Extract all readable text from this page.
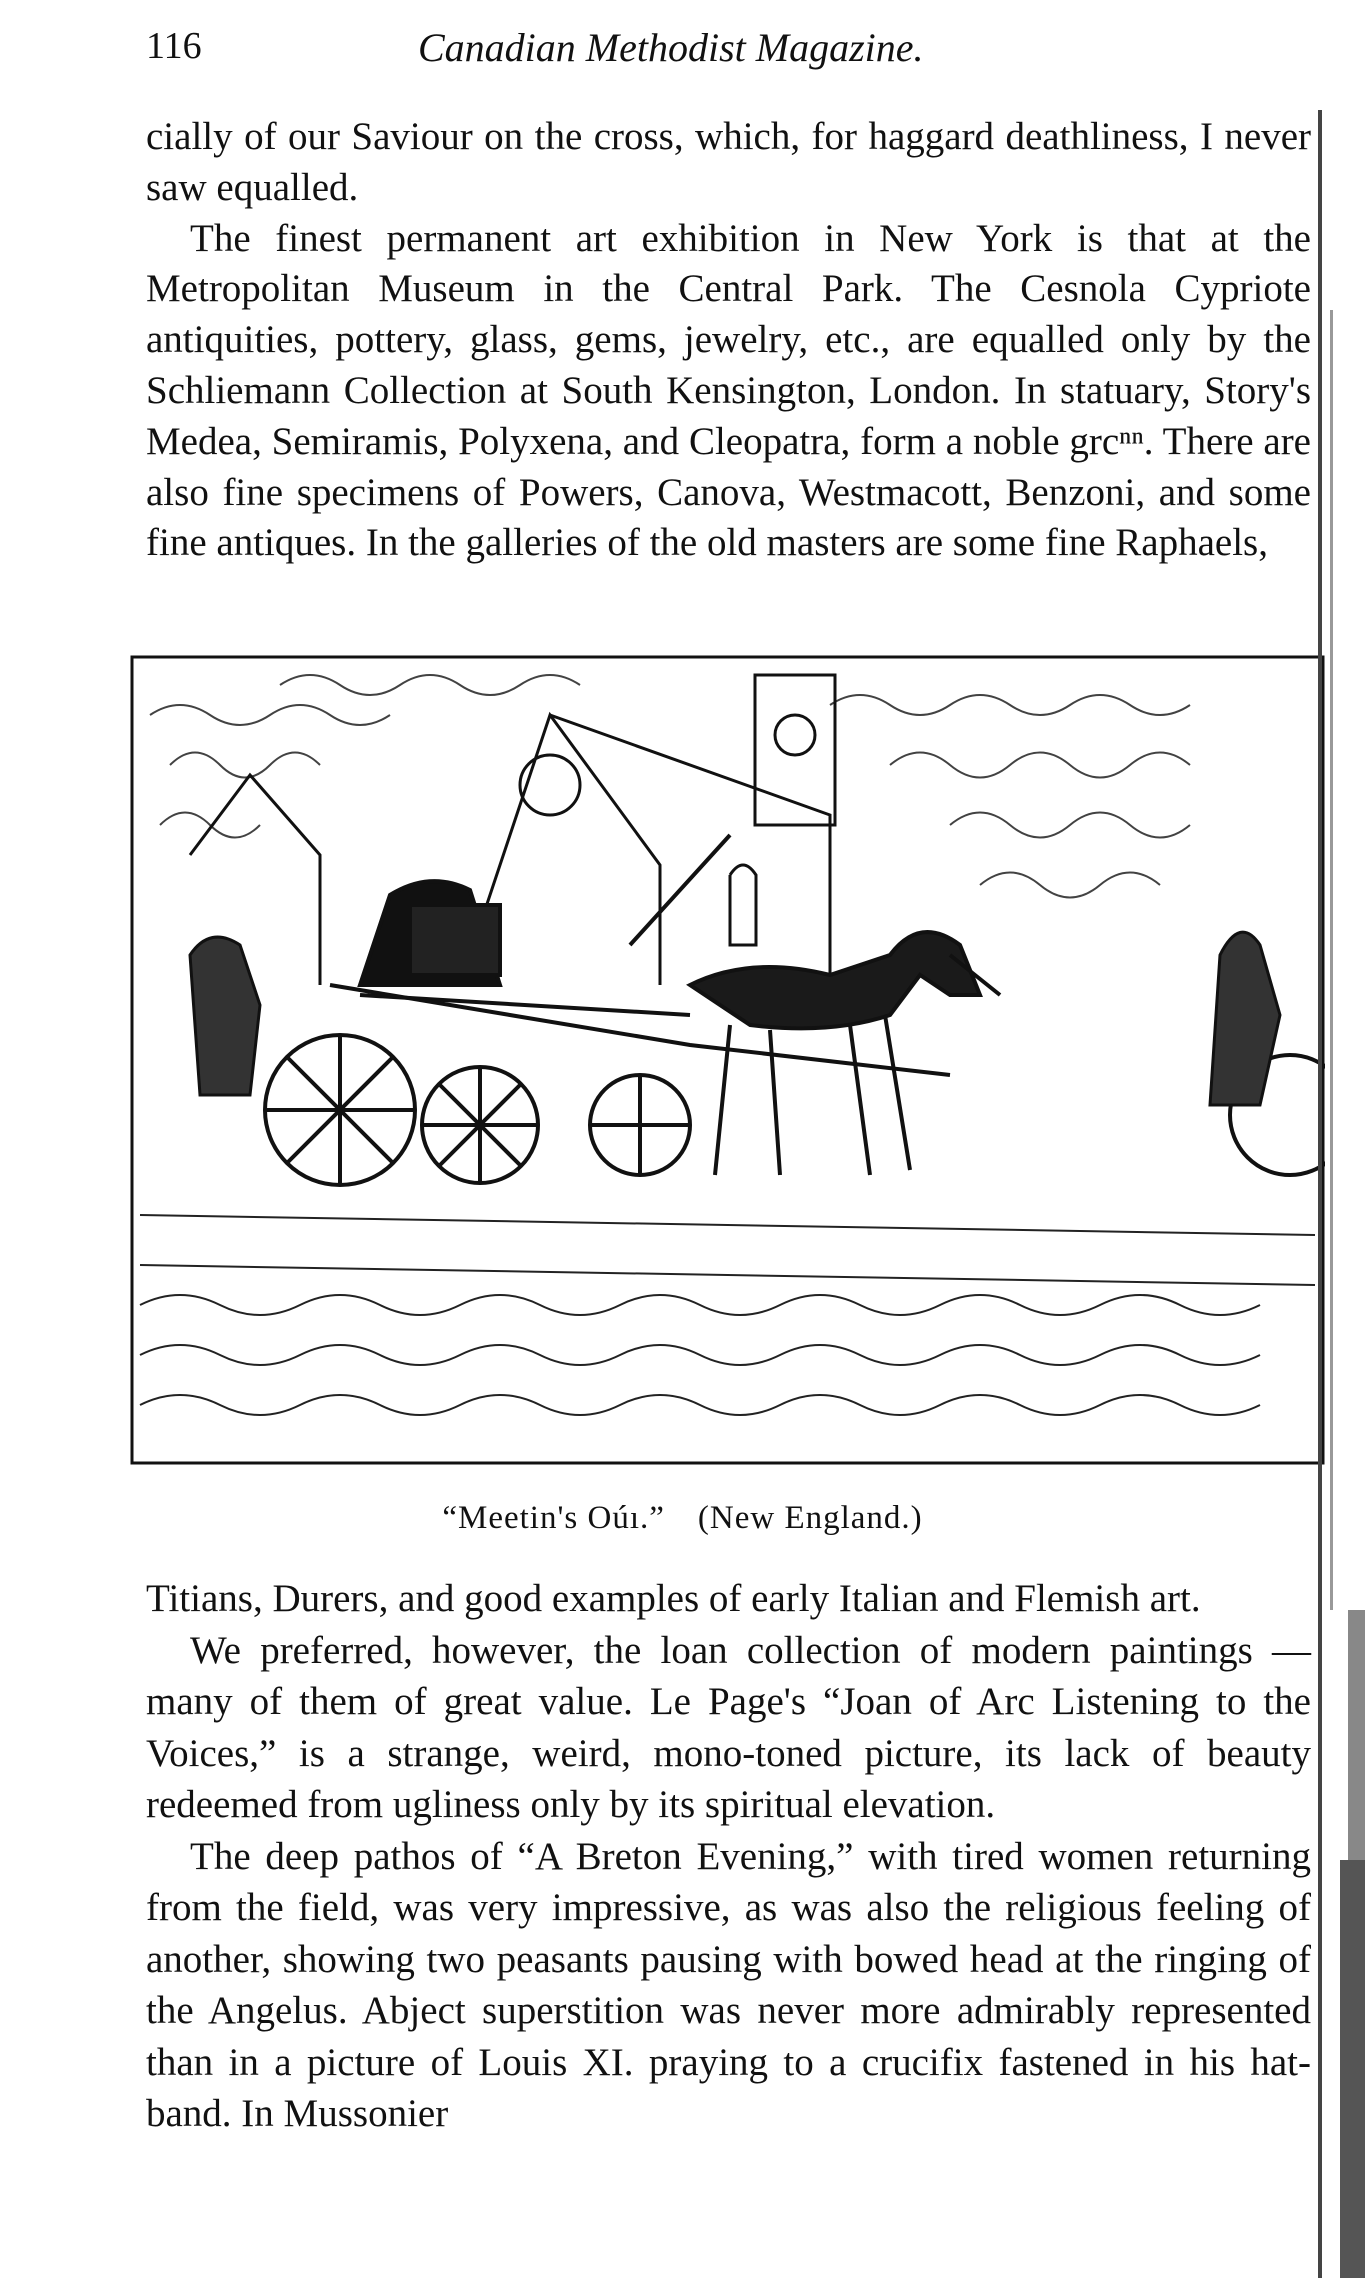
116	Canadian Methodist Magazine.

cially of our Saviour on the cross, which, for haggard deathliness, I never saw equalled.

The finest permanent art exhibition in New York is that at the Metropolitan Museum in the Central Park. The Cesnola Cypriote antiquities, pottery, glass, gems, jewelry, etc., are equalled only by the Schliemann Collection at South Kensington, London. In statuary, Story's Medea, Semiramis, Polyxena, and Cleopatra, form a noble grcⁿⁿ. There are also fine specimens of Powers, Canova, Westmacott, Benzoni, and some fine antiques. In the galleries of the old masters are some fine Raphaels,

“Meetin's Oúı.” (New England.)

Titians, Durers, and good examples of early Italian and Flemish art.

We preferred, however, the loan collection of modern paintings —many of them of great value. Le Page's “Joan of Arc Listening to the Voices,” is a strange, weird, mono-toned picture, its lack of beauty redeemed from ugliness only by its spiritual elevation.

The deep pathos of “A Breton Evening,” with tired women returning from the field, was very impressive, as was also the religious feeling of another, showing two peasants pausing with bowed head at the ringing of the Angelus. Abject superstition was never more admirably represented than in a picture of Louis XI. praying to a crucifix fastened in his hat-band. In Mussonier
